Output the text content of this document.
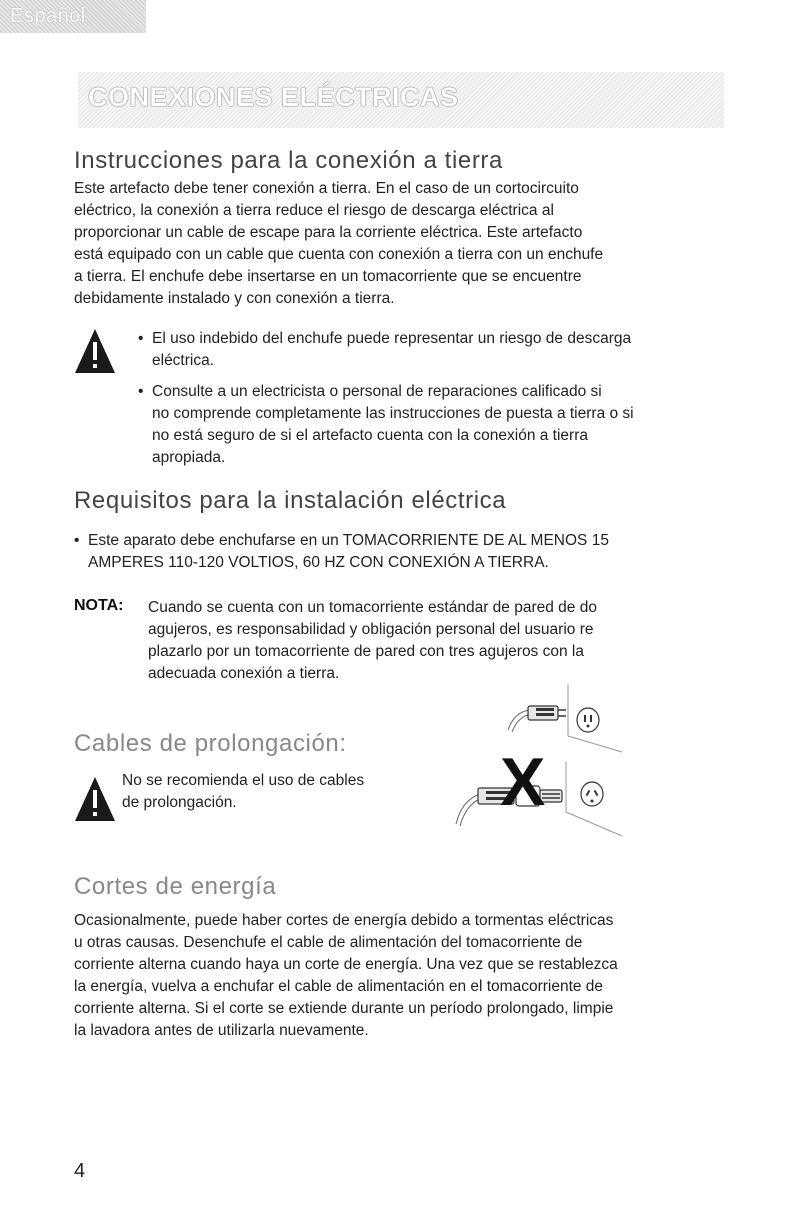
Español
CONEXIONES ELÉCTRICAS
Instrucciones para la conexión a tierra
Este artefacto debe tener conexión a tierra. En el caso de un cortocircuito
eléctrico, la conexión a tierra reduce el riesgo de descarga eléctrica al
proporcionar un cable de escape para la corriente eléctrica. Este artefacto
está equipado con un cable que cuenta con conexión a tierra con un enchufe
a tierra. El enchufe debe insertarse en un tomacorriente que se encuentre
debidamente instalado y con conexión a tierra.
• El uso indebido del enchufe puede representar un riesgo de descarga
eléctrica.
• Consulte a un electricista o personal de reparaciones calificado si
no comprende completamente las instrucciones de puesta a tierra o si
no está seguro de si el artefacto cuenta con la conexión a tierra
apropiada.
Requisitos para la instalación eléctrica
• Este aparato debe enchufarse en un TOMACORRIENTE DE AL MENOS 15
AMPERES 110-120 VOLTIOS, 60 HZ CON CONEXIÓN A TIERRA.
NOTA: Cuando se cuenta con un tomacorriente estándar de pared de do
agujeros, es responsabilidad y obligación personal del usuario re
plazarlo por un tomacorriente de pared con tres agujeros con la
adecuada conexión a tierra.
Cables de prolongación:
No se recomienda el uso de cables
de prolongación.	X
Cortes de energía
Ocasionalmente, puede haber cortes de energía debido a tormentas eléctricas
u otras causas. Desenchufe el cable de alimentación del tomacorriente de
corriente alterna cuando haya un corte de energía. Una vez que se restablezca
la energía, vuelva a enchufar el cable de alimentación en el tomacorriente de
corriente alterna. Si el corte se extiende durante un período prolongado, limpie
la lavadora antes de utilizarla nuevamente.
4
